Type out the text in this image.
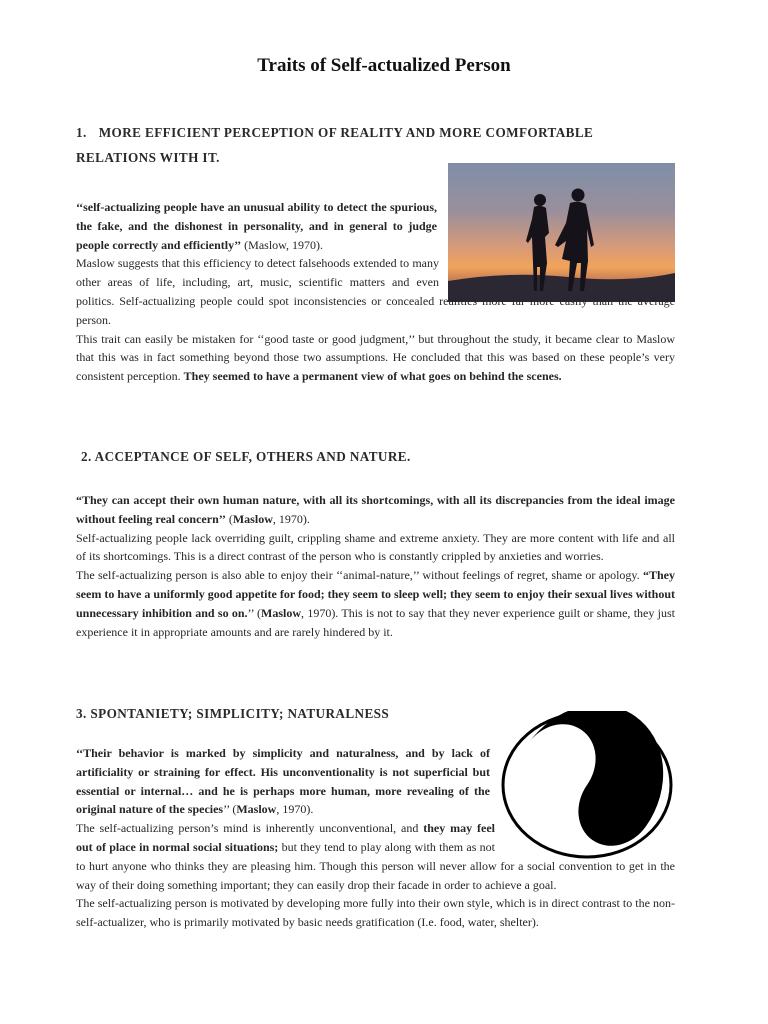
Traits of Self-actualized Person
1. MORE EFFICIENT PERCEPTION OF REALITY AND MORE COMFORTABLE
RELATIONS WITH IT.

‘‘self-actualizing people have an unusual ability to detect the spurious, the fake, and the dishonest in personality, and in general to judge people correctly and efficiently’’ (Maslow, 1970).

Maslow suggests that this efficiency to detect falsehoods extended to many other areas of life, including, art, music, scientific matters and even politics. Self-actualizing people could spot inconsistencies or concealed realities more far more easily than the average person.

This trait can easily be mistaken for ‘‘good taste or good judgment,’’ but throughout the study, it became clear to Maslow that this was in fact something beyond those two assumptions. He concluded that this was based on these people’s very consistent perception. They seemed to have a permanent view of what goes on behind the scenes.

2. ACCEPTANCE OF SELF, OTHERS AND NATURE.

“They can accept their own human nature, with all its shortcomings, with all its discrepancies from the ideal image without feeling real concern’’ (Maslow, 1970).

Self-actualizing people lack overriding guilt, crippling shame and extreme anxiety. They are more content with life and all of its shortcomings. This is a direct contrast of the person who is constantly crippled by anxieties and worries.

The self-actualizing person is also able to enjoy their ‘‘animal-nature,’’ without feelings of regret, shame or apology. “They seem to have a uniformly good appetite for food; they seem to sleep well; they seem to enjoy their sexual lives without unnecessary inhibition and so on.’’ (Maslow, 1970). This is not to say that they never experience guilt or shame, they just experience it in appropriate amounts and are rarely hindered by it.

3. SPONTANIETY; SIMPLICITY; NATURALNESS

‘‘Their behavior is marked by simplicity and naturalness, and by lack of artificiality or straining for effect. His unconventionality is not superficial but essential or internal… and he is perhaps more human, more revealing of the original nature of the species’’ (Maslow, 1970).

The self-actualizing person’s mind is inherently unconventional, and they may feel out of place in normal social situations; but they tend to play along with them as not to hurt anyone who thinks they are pleasing him. Though this person will never allow for a social convention to get in the way of their doing something important; they can easily drop their facade in order to achieve a goal.

The self-actualizing person is motivated by developing more fully into their own style, which is in direct contrast to the non-self-actualizer, who is primarily motivated by basic needs gratification (I.e. food, water, shelter).
